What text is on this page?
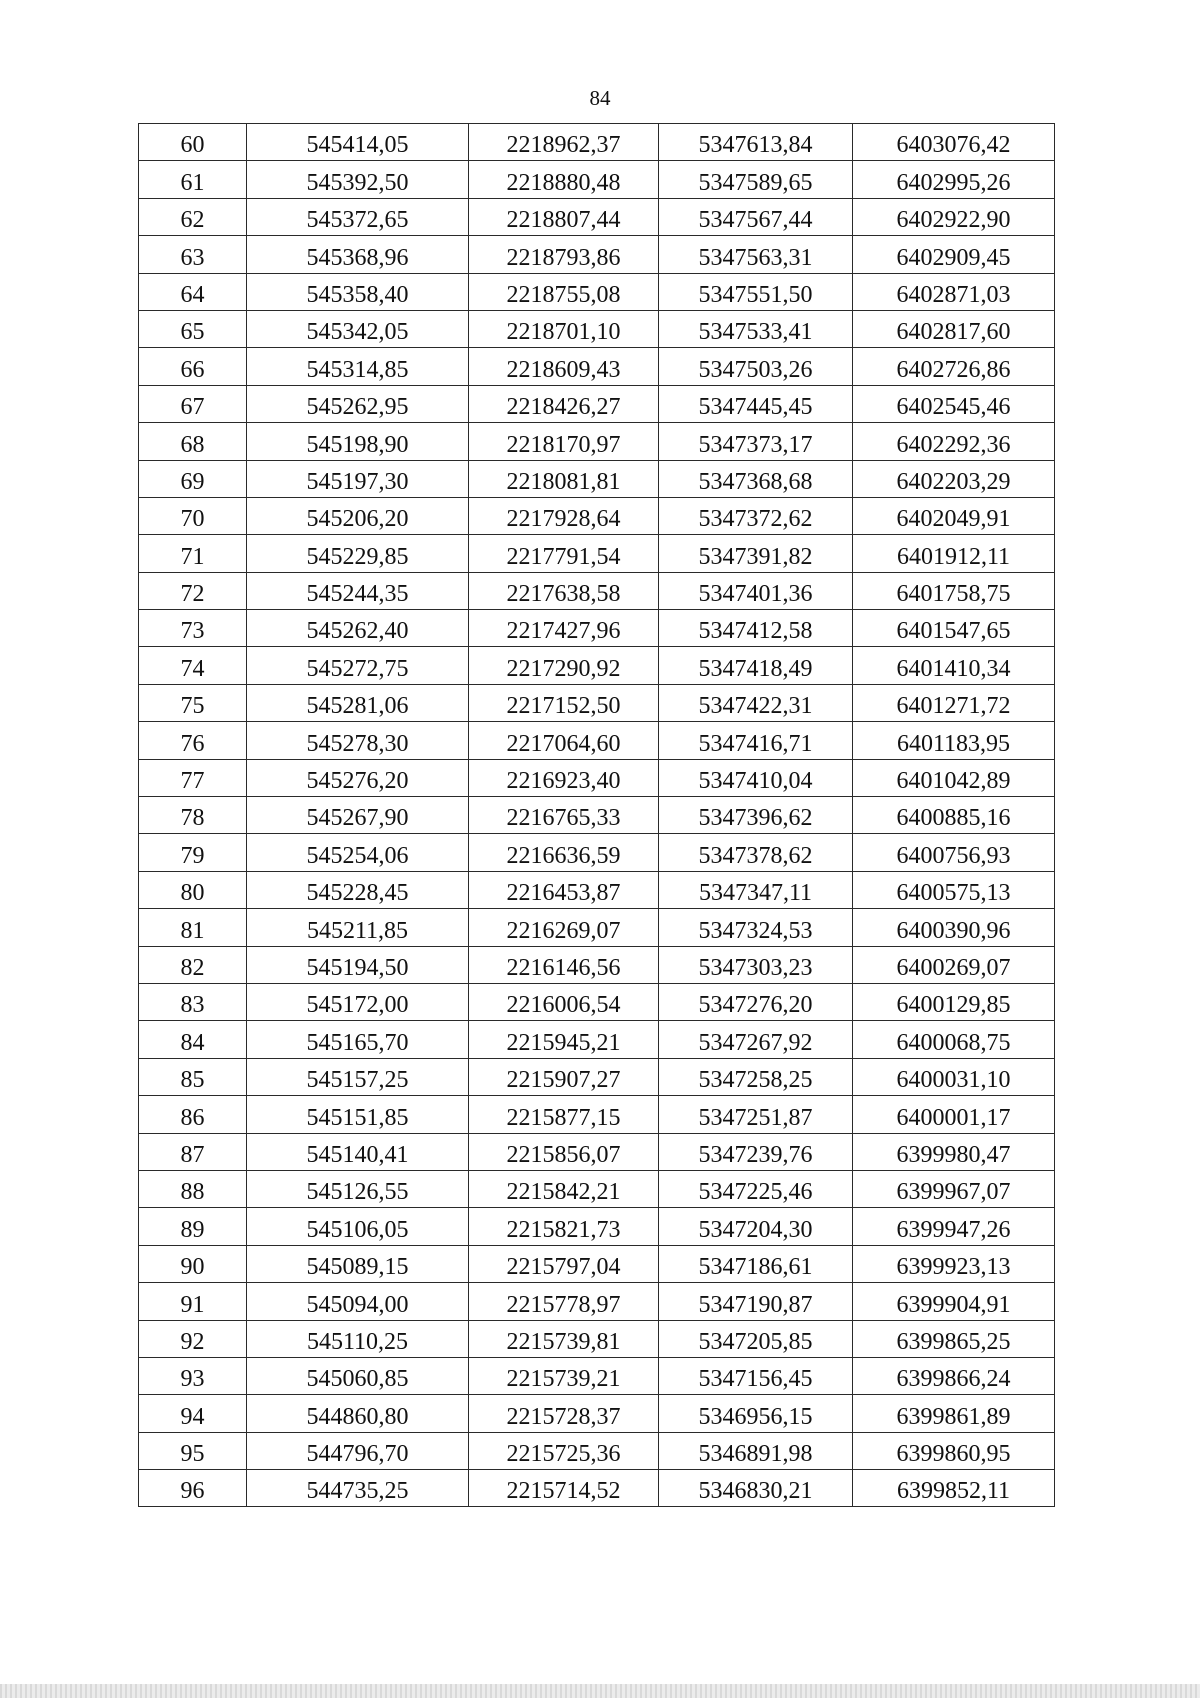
84
60	545414,05	2218962,37	5347613,84	6403076,42
61	545392,50	2218880,48	5347589,65	6402995,26
62	545372,65	2218807,44	5347567,44	6402922,90
63	545368,96	2218793,86	5347563,31	6402909,45
64	545358,40	2218755,08	5347551,50	6402871,03
65	545342,05	2218701,10	5347533,41	6402817,60
66	545314,85	2218609,43	5347503,26	6402726,86
67	545262,95	2218426,27	5347445,45	6402545,46
68	545198,90	2218170,97	5347373,17	6402292,36
69	545197,30	2218081,81	5347368,68	6402203,29
70	545206,20	2217928,64	5347372,62	6402049,91
71	545229,85	2217791,54	5347391,82	6401912,11
72	545244,35	2217638,58	5347401,36	6401758,75
73	545262,40	2217427,96	5347412,58	6401547,65
74	545272,75	2217290,92	5347418,49	6401410,34
75	545281,06	2217152,50	5347422,31	6401271,72
76	545278,30	2217064,60	5347416,71	6401183,95
77	545276,20	2216923,40	5347410,04	6401042,89
78	545267,90	2216765,33	5347396,62	6400885,16
79	545254,06	2216636,59	5347378,62	6400756,93
80	545228,45	2216453,87	5347347,11	6400575,13
81	545211,85	2216269,07	5347324,53	6400390,96
82	545194,50	2216146,56	5347303,23	6400269,07
83	545172,00	2216006,54	5347276,20	6400129,85
84	545165,70	2215945,21	5347267,92	6400068,75
85	545157,25	2215907,27	5347258,25	6400031,10
86	545151,85	2215877,15	5347251,87	6400001,17
87	545140,41	2215856,07	5347239,76	6399980,47
88	545126,55	2215842,21	5347225,46	6399967,07
89	545106,05	2215821,73	5347204,30	6399947,26
90	545089,15	2215797,04	5347186,61	6399923,13
91	545094,00	2215778,97	5347190,87	6399904,91
92	545110,25	2215739,81	5347205,85	6399865,25
93	545060,85	2215739,21	5347156,45	6399866,24
94	544860,80	2215728,37	5346956,15	6399861,89
95	544796,70	2215725,36	5346891,98	6399860,95
96	544735,25	2215714,52	5346830,21	6399852,11
